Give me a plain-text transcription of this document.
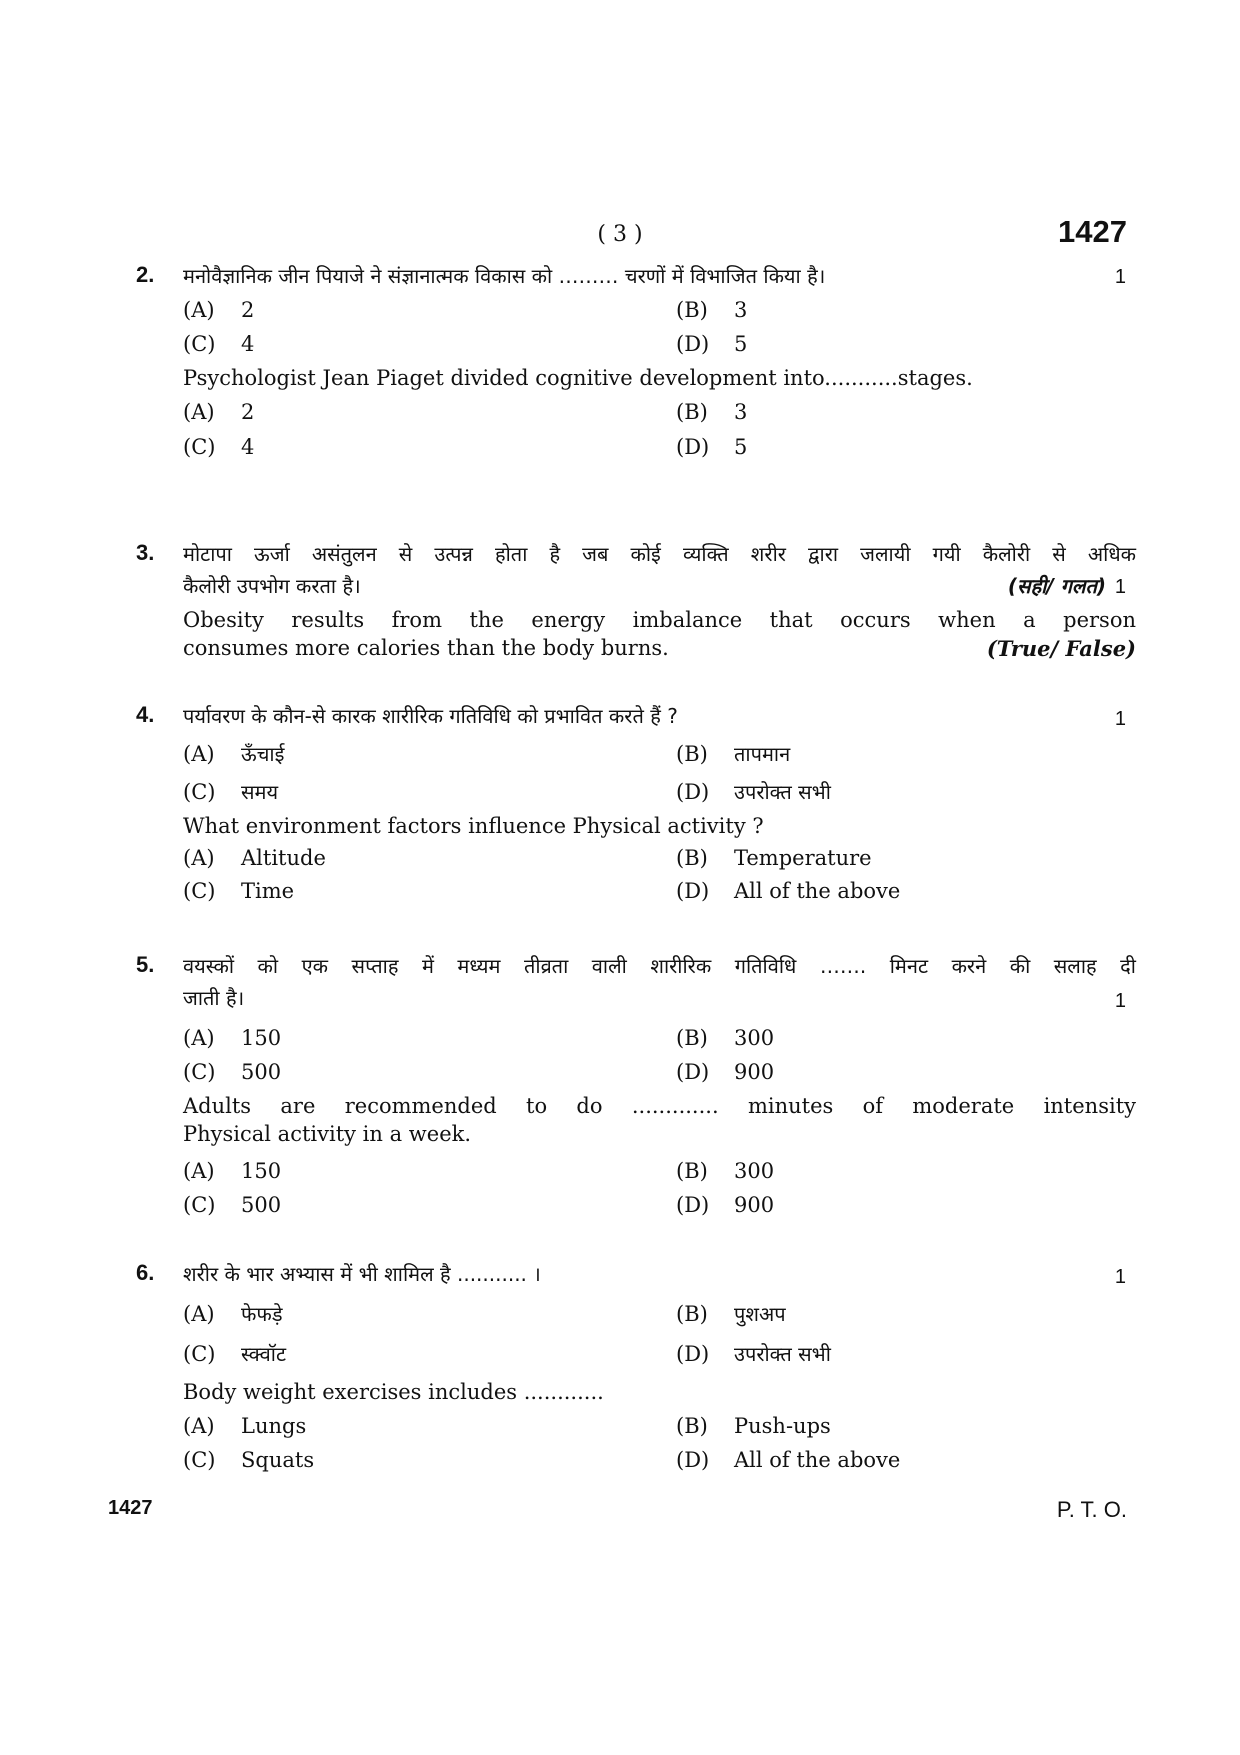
( 3 )	1427
2. मनोवैज्ञानिक जीन पियाजे ने संज्ञानात्मक विकास को ……… चरणों में विभाजित किया है।	1
(A) 2	(B) 3
(C) 4	(D) 5
Psychologist Jean Piaget divided cognitive development into...........stages.
(A) 2	(B) 3
(C) 4	(D) 5
3. मोटापा ऊर्जा असंतुलन से उत्पन्न होता है जब कोई व्यक्ति शरीर द्वारा जलायी गयी कैलोरी से अधिक
कैलोरी उपभोग करता है।	(सही/ गलत) 1
Obesity results from the energy imbalance that occurs when a person
consumes more calories than the body burns.	(True/ False)
4. पर्यावरण के कौन-से कारक शारीरिक गतिविधि को प्रभावित करते हैं ?	1
(A) ऊँचाई	(B) तापमान
(C) समय	(D) उपरोक्त सभी
What environment factors influence Physical activity ?
(A) Altitude	(B) Temperature
(C) Time	(D) All of the above
5. वयस्कों को एक सप्ताह में मध्यम तीव्रता वाली शारीरिक गतिविधि ……. मिनट करने की सलाह दी
जाती है।	1
(A) 150	(B) 300
(C) 500	(D) 900
Adults are recommended to do ............. minutes of moderate intensity
Physical activity in a week.
(A) 150	(B) 300
(C) 500	(D) 900
6. शरीर के भार अभ्यास में भी शामिल है ........... ।	1
(A) फेफड़े	(B) पुशअप
(C) स्क्वॉट	(D) उपरोक्त सभी
Body weight exercises includes ............
(A) Lungs	(B) Push-ups
(C) Squats	(D) All of the above
1427	P. T. O.
